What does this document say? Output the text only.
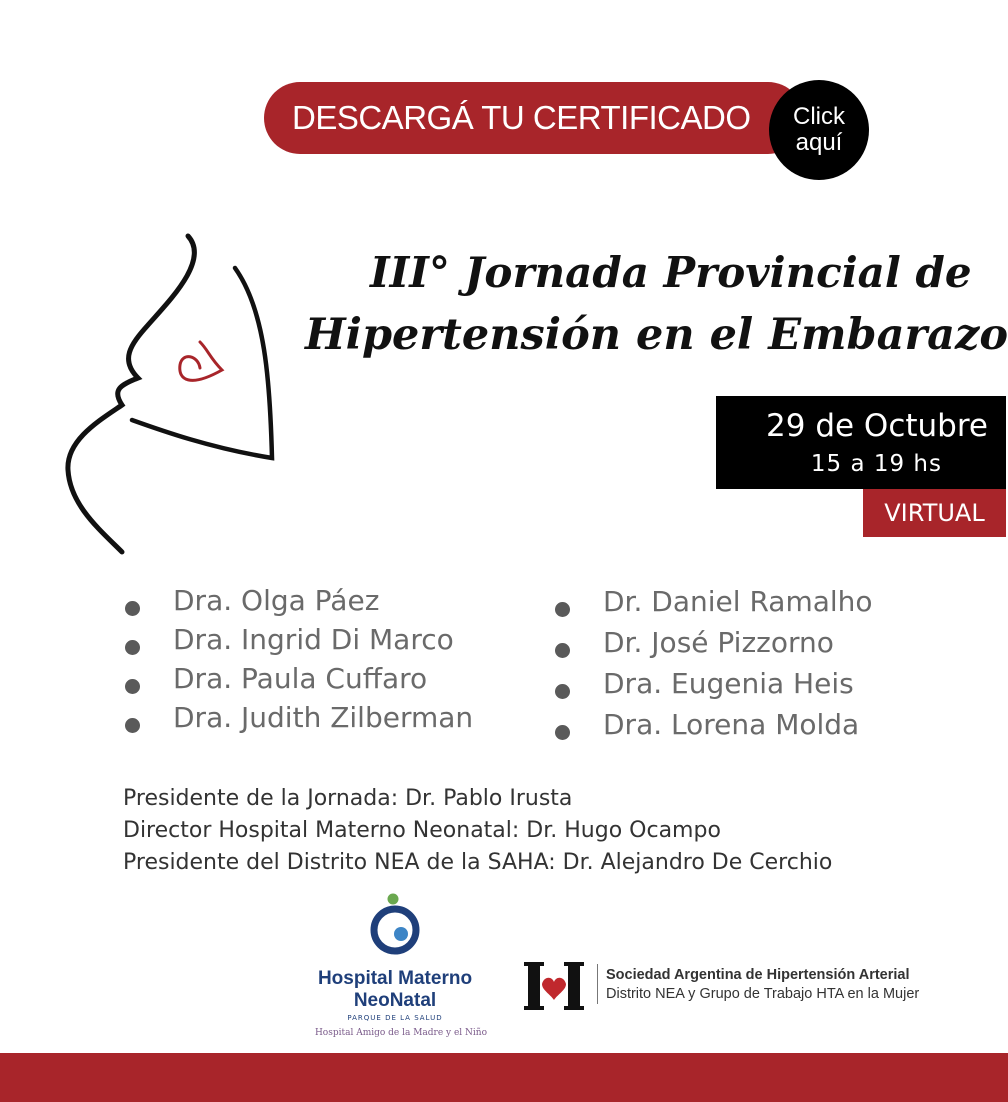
DESCARGÁ TU CERTIFICADO	Click
aquí
III° Jornada Provincial de
Hipertensión en el Embarazo
29 de Octubre
15 a 19 hs
VIRTUAL
Dra. Olga Páez
Dra. Ingrid Di Marco
Dra. Paula Cuffaro
Dra. Judith Zilberman
Dr. Daniel Ramalho
Dr. José Pizzorno
Dra. Eugenia Heis
Dra. Lorena Molda
Presidente de la Jornada: Dr. Pablo Irusta
Director Hospital Materno Neonatal: Dr. Hugo Ocampo
Presidente del Distrito NEA de la SAHA: Dr. Alejandro De Cerchio
Hospital Materno
NeoNatal
PARQUE DE LA SALUD
Hospital Amigo de la Madre y el Niño
Sociedad Argentina de Hipertensión Arterial
Distrito NEA y Grupo de Trabajo HTA en la Mujer
